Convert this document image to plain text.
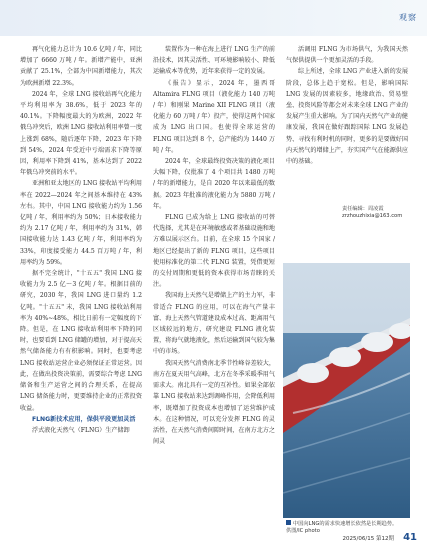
观察

再气化能力总计为 10.6 亿吨 / 年，同比增加了 6660 万吨 / 年。新增产能中，亚洲贡献了 25.1%，仝部为中国新增能力，其次为欧洲新增 22.3%。

2024 年，全球 LNG 接收站再气化能力平均利用率为 38.6%，低于 2023 年的 40.1%。下降幅度最大的为欧洲，2022 年俄乌冲突后，欧洲 LNG 接收站利用率曾一度上涨到 68%，随后逐年下降，2023 年下降到 54%，2024 年受近中亏端需求下降等原因，利用率下降到 41%，基本达到了 2022 年俄乌冲突前的水平。

亚洲和亚太地区的 LNG 接收站平均利用率在 2022—2024 年之间基本维持在 43% 左右。其中，中国 LNG 接收能力约为 1.56 亿吨 / 年，利用率约为 50%；日本接收能力约为 2.17 亿吨 / 年，利用率约为 31%，韩国接收能力达 1.43 亿吨 / 年，利用率约为 33%，印度接受能力 44.5 百万吨 / 年，利用率约为 59%。

据不完全统计，"十五五" 我国 LNG 接收能力为 2.5 亿～3 亿吨 / 年。根据目前的研究，2030 年，我国 LNG 进口量约 1.2 亿吨。"十五五" 末，我国 LNG 接收站利用率为 40%~48%，相比日前有一定幅度的下降。但是，在 LNG 接收站利用率下降的同时，也要看到 LNG 储罐的增加，对于提高天然气储备能力有有积影响。同时，也要考虑 LNG 接收站运营企业必须保证正常运营。因此，在做出投资决策前，需要综合考虑 LNG 储备和生产运营之间的合理关系，在提高 LNG 储备能力时，更要维持企业的正常投资收益。

FLNG新技术应用，保供平段更加灵活

浮式液化天然气（FLNG）生产储卸

装置作为一种在海上进行 LNG 生产的前沿技术，因其灵活性、可环境影响较小、降低运输成本等优势，近年来获得一定的发展。

《报告》显示，2024 年，墨西哥 Altamira FLNG 项目（液化能力 140 万吨 / 年）和刚果 Marine XII FLNG 项目（液化能力 60 万吨 / 年）投产，使得这两个国家成为 LNG 出口国。也使得全球运营的 FLNG 项目达到 8 个，总产能约为 1440 万吨 / 年。

2024 年，全球最终投资决策的液化项目大幅下降，仅批准了 4 个项目共 1480 万吨 / 年的新增能力，是自 2020 年以来最低的数据。2023 年批准的液化能力为 5880 万吨 / 年。

FLNG 已成为给上 LNG 接收站的可替代选择，尤其是在环境敏感或者基础设施和地方难以展示区台。目前，在全球 15 个国家 / 地区已经提出了新的 FLNG 项目，这些项目使用标准化的第二代 FLNG 装置，凭借更短的交付周期和更低的资本获得市场青睐的关注。

我国海上天然气是增储上产的主力军，非常适合 FLNG 的应用，可以在海气产量丰富、海上天然气管道建设成本过高、距离用气区域较远的地方，研究建设 FLNG 液化装置，将海气就地液化，然后运输到国气较为集中的市场。

我国天然气消费南北季节性峰谷差较大，南方在夏天用气高峰，北方在冬季采暖季用气需求大。南北具有一定的互补性。如果全部依靠 LNG 接收站来达到调峰作用，会降低利用率，既增加了投资成本也增加了运营维护成本。在这种情况，可以充分发挥 FLNG 的灵活性，在天然气消费间隙时间，在南方北方之间灵

活调用 FLNG 为市场供气，为我国天然气保供提供一个更加灵活的手段。

综上所述，全球 LNG 产业进入新的发展阶段，总体上趋于宽松。但是，影响国际 LNG 发展的因素较多，地缘政治、贸易壁垒、投资风险等都会对未来全球 LNG 产业的发展产生重大影响。为了国内天然气产业的健康发展，我国在做好跟踪国际 LNG 发展趋势、寻找有利时机的同时，更多的是要做好国内天然气的增储上产，夯实国产气在能源供应中的基础。

责任编辑：周凌霞
zrzhouzhixia@163.com
中国向LNG的需求快速增长依然是长期趋势。
供图/IC photo
2025/06/15 第12期 41
